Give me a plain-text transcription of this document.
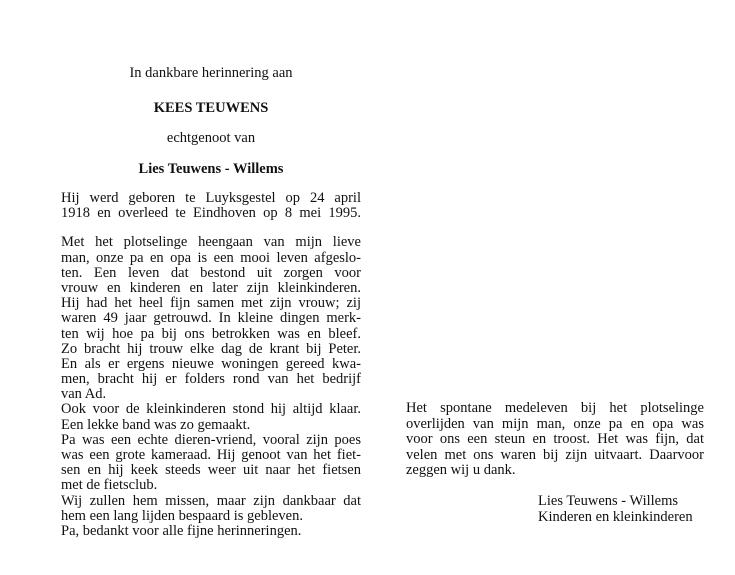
In dankbare herinnering aan

KEES TEUWENS

echtgenoot van

Lies Teuwens - Willems

Hij werd geboren te Luyksgestel op 24 april
1918 en overleed te Eindhoven op 8 mei 1995.
Met het plotselinge heengaan van mijn lieve
man, onze pa en opa is een mooi leven afgeslo-
ten. Een leven dat bestond uit zorgen voor
vrouw en kinderen en later zijn kleinkinderen.
Hij had het heel fijn samen met zijn vrouw; zij
waren 49 jaar getrouwd. In kleine dingen merk-
ten wij hoe pa bij ons betrokken was en bleef.
Zo bracht hij trouw elke dag de krant bij Peter.
En als er ergens nieuwe woningen gereed kwa-
men, bracht hij er folders rond van het bedrijf
van Ad.
Ook voor de kleinkinderen stond hij altijd klaar.
Een lekke band was zo gemaakt.
Pa was een echte dieren-vriend, vooral zijn poes
was een grote kameraad. Hij genoot van het fiet-
sen en hij keek steeds weer uit naar het fietsen
met de fietsclub.
Wij zullen hem missen, maar zijn dankbaar dat
hem een lang lijden bespaard is gebleven.
Pa, bedankt voor alle fijne herinneringen.
Het spontane medeleven bij het plotselinge
overlijden van mijn man, onze pa en opa was
voor ons een steun en troost. Het was fijn, dat
velen met ons waren bij zijn uitvaart. Daarvoor
zeggen wij u dank.
Lies Teuwens - Willems
Kinderen en kleinkinderen
